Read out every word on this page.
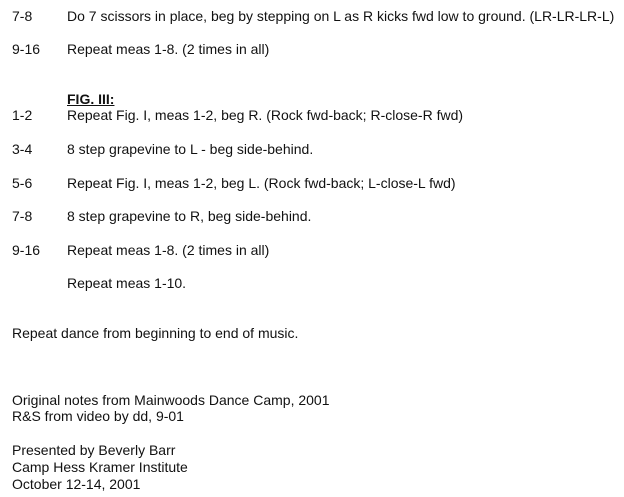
7-8 Do 7 scissors in place, beg by stepping on L as R kicks fwd low to ground. (LR-LR-LR-L)
9-16 Repeat meas 1-8. (2 times in all)
FIG. III:
1-2 Repeat Fig. I, meas 1-2, beg R. (Rock fwd-back; R-close-R fwd)
3-4 8 step grapevine to L - beg side-behind.
5-6 Repeat Fig. I, meas 1-2, beg L. (Rock fwd-back; L-close-L fwd)
7-8 8 step grapevine to R, beg side-behind.
9-16 Repeat meas 1-8. (2 times in all)
Repeat meas 1-10.
Repeat dance from beginning to end of music.
Original notes from Mainwoods Dance Camp, 2001
R&S from video by dd, 9-01
Presented by Beverly Barr
Camp Hess Kramer Institute
October 12-14, 2001
